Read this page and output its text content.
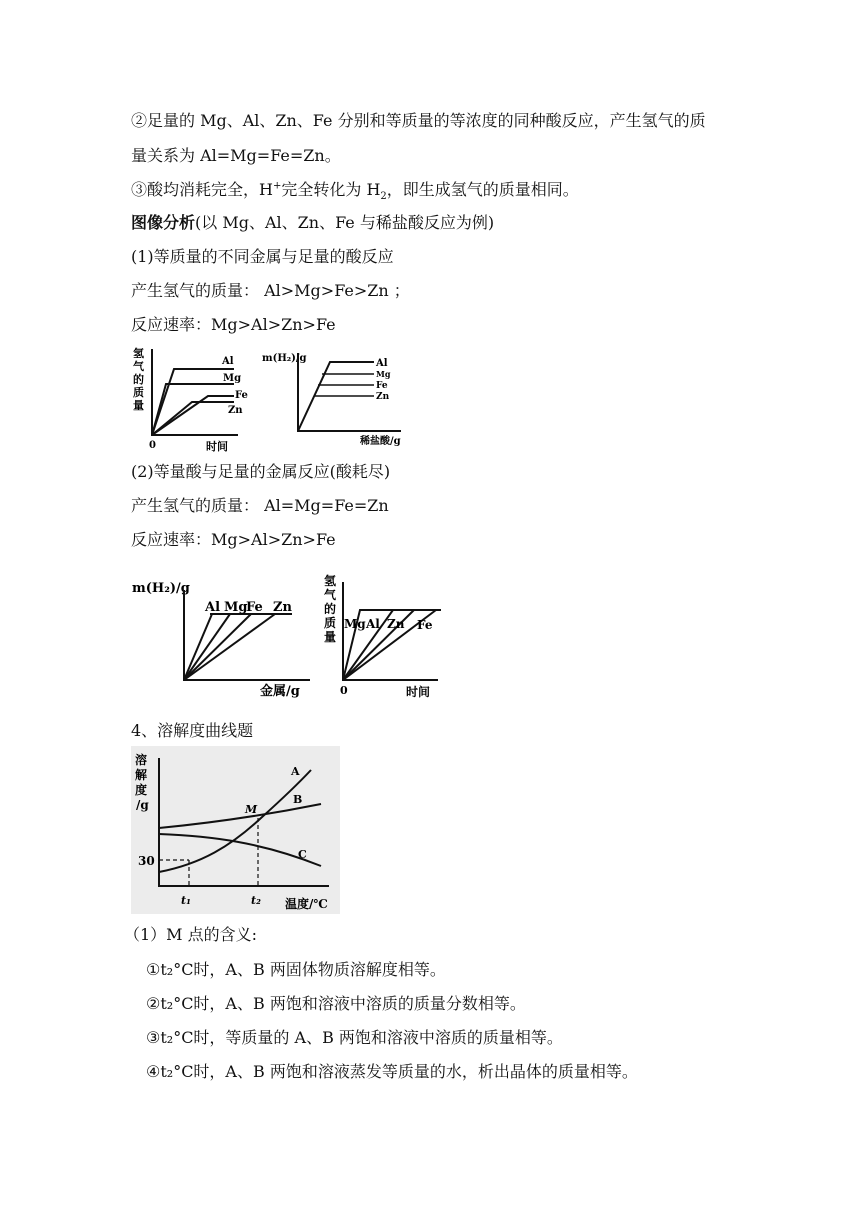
②足量的 Mg、Al、Zn、Fe 分别和等质量的等浓度的同种酸反应，产生氢气的质
量关系为 Al=Mg=Fe=Zn。
③酸均消耗完全，H+完全转化为 $H_2$，即生成氢气的质量相同。
图像分析(以 Mg、Al、Zn、Fe 与稀盐酸反应为例)
(1)等质量的不同金属与足量的酸反应
产生氢气的质量： Al>Mg>Fe>Zn ；
反应速率：Mg>Al>Zn>Fe
(2)等量酸与足量的金属反应(酸耗尽)
产生氢气的质量： Al=Mg=Fe=Zn
反应速率：Mg>Al>Zn>Fe
4、溶解度曲线题
（1）M 点的含义:
①t₂°C时，A、B 两固体物质溶解度相等。
②t₂°C时，A、B 两饱和溶液中溶质的质量分数相等。
③t₂°C时，等质量的 A、B 两饱和溶液中溶质的质量相等。
④t₂°C时，A、B 两饱和溶液蒸发等质量的水，析出晶体的质量相等。
氢
气
的
质
量
Al
Mg
Fe
Zn
0	时间
m(H₂)/g	Al
Mg
Fe
Zn
稀盐酸/g
m(H₂)/g
Al Mg
Fe Zn
金属/g
氢
气
的
质
量
Mg Al Zn Fe
0	时间
溶
解
度
/g
30
t₁	t₂ 温度/℃
A
B
C
M
